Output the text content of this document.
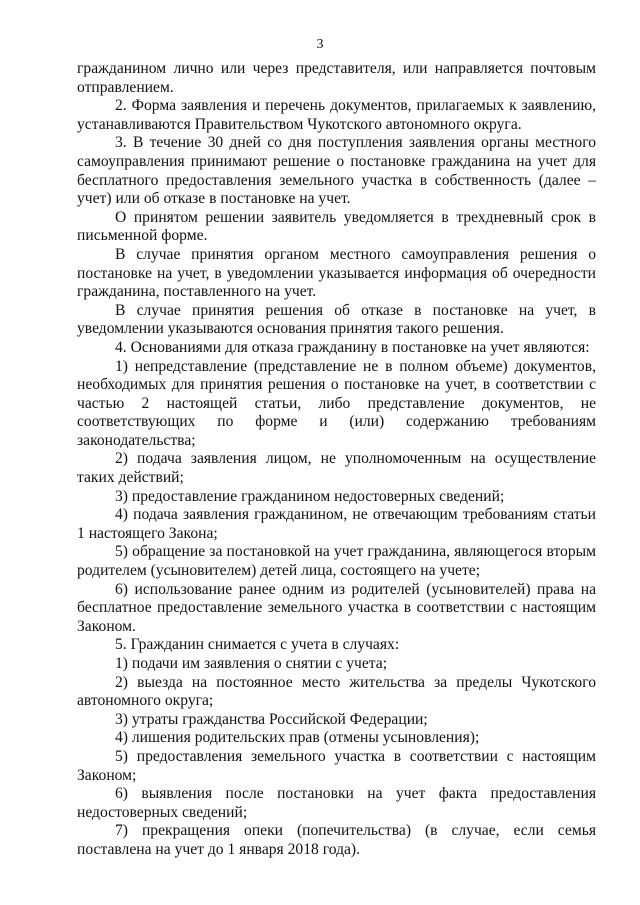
3

гражданином лично или через представителя, или направляется почтовым отправлением.

2. Форма заявления и перечень документов, прилагаемых к заявлению, устанавливаются Правительством Чукотского автономного округа.

3. В течение 30 дней со дня поступления заявления органы местного самоуправления принимают решение о постановке гражданина на учет для бесплатного предоставления земельного участка в собственность (далее – учет) или об отказе в постановке на учет.

О принятом решении заявитель уведомляется в трехдневный срок в письменной форме.

В случае принятия органом местного самоуправления решения о постановке на учет, в уведомлении указывается информация об очередности гражданина, поставленного на учет.

В случае принятия решения об отказе в постановке на учет, в уведомлении указываются основания принятия такого решения.

4. Основаниями для отказа гражданину в постановке на учет являются:

1) непредставление (представление не в полном объеме) документов, необходимых для принятия решения о постановке на учет, в соответствии с частью 2 настоящей статьи, либо представление документов, не соответствующих по форме и (или) содержанию требованиям законодательства;

2) подача заявления лицом, не уполномоченным на осуществление таких действий;

3) предоставление гражданином недостоверных сведений;

4) подача заявления гражданином, не отвечающим требованиям статьи 1 настоящего Закона;

5) обращение за постановкой на учет гражданина, являющегося вторым родителем (усыновителем) детей лица, состоящего на учете;

6) использование ранее одним из родителей (усыновителей) права на бесплатное предоставление земельного участка в соответствии с настоящим Законом.

5. Гражданин снимается с учета в случаях:

1) подачи им заявления о снятии с учета;

2) выезда на постоянное место жительства за пределы Чукотского автономного округа;

3) утраты гражданства Российской Федерации;

4) лишения родительских прав (отмены усыновления);

5) предоставления земельного участка в соответствии с настоящим Законом;

6) выявления после постановки на учет факта предоставления недостоверных сведений;

7) прекращения опеки (попечительства) (в случае, если семья поставлена на учет до 1 января 2018 года).
